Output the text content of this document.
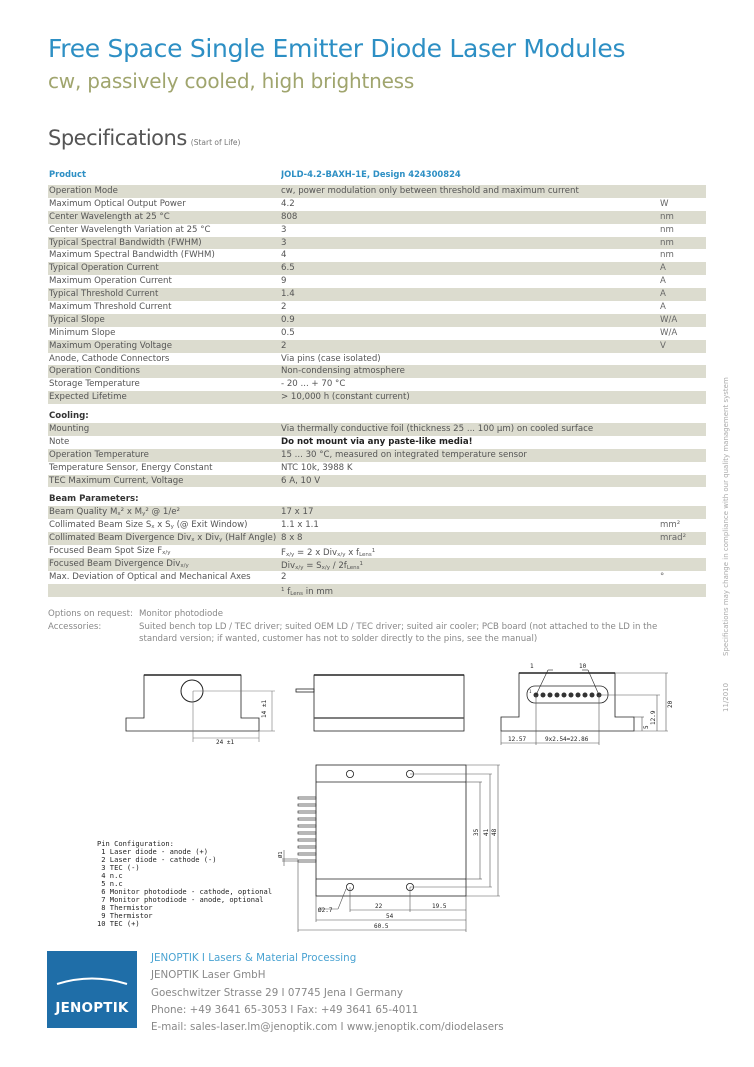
Free Space Single Emitter Diode Laser Modules
cw, passively cooled, high brightness
Specifications (Start of Life)
Product	JOLD-4.2-BAXH-1E, Design 424300824
Operation Mode	cw, power modulation only between threshold and maximum current
Maximum Optical Output Power	4.2	W
Center Wavelength at 25 °C	808	nm
Center Wavelength Variation at 25 °C	3	nm
Typical Spectral Bandwidth (FWHM)	3	nm
Maximum Spectral Bandwidth (FWHM)	4	nm
Typical Operation Current	6.5	A
Maximum Operation Current	9	A
Typical Threshold Current	1.4	A
Maximum Threshold Current	2	A
Typical Slope	0.9	W/A
Minimum Slope	0.5	W/A
Maximum Operating Voltage	2	V
Anode, Cathode Connectors	Via pins (case isolated)
Operation Conditions	Non-condensing atmosphere
Storage Temperature	- 20 ... + 70 °C
Expected Lifetime	> 10,000 h (constant current)
Cooling:
Mounting	Via thermally conductive foil (thickness 25 ... 100 µm) on cooled surface
Note	Do not mount via any paste-like media!
Operation Temperature	15 ... 30 °C, measured on integrated temperature sensor
Temperature Sensor, Energy Constant	NTC 10k, 3988 K
TEC Maximum Current, Voltage	6 A, 10 V
Beam Parameters:
Beam Quality $M_x^2$ x $M_y^2$ @ 1/e²	17 x 17
Collimated Beam Size $S_x$ x $S_y$ (@ Exit Window)	1.1 x 1.1	mm²
Collimated Beam Divergence Div$_x$ x Div$_y$ (Half Angle) 8 x 8	mrad²
Focused Beam Spot Size $F_{x/y}$	$F_{x/y} = 2$ x Div$_{x/y}$ x $f_{Lens}^1$
Focused Beam Divergence Div$_{x/y}$	$Div_{x/y} = S_{x/y} / 2f_{Lens}^1$
Max. Deviation of Optical and Mechanical Axes	2	°
$^1$ $f_{Lens}$ in mm
Options on request: Monitor photodiode
Accessories:	Suited bench top LD / TEC driver; suited OEM LD / TEC driver; suited air cooler; PCB board (not attached to the LD in the standard version; if wanted, customer has not to solder directly to the pins, see the manual)	Specifications may change in compliance with our quality management system
11/2010
24 ±1
14 ±1
1	10
1
12.57	9x2.54=22.86
5
12.9
20
Ø2.7
Ø1
22	19.5
54
60.5
35 41 48
Pin Configuration:
1 Laser diode - anode (+)
2 Laser diode - cathode (-)
3 TEC (-)
4 n.c
5 n.c
6 Monitor photodiode - cathode, optional
7 Monitor photodiode - anode, optional
8 Thermistor
9 Thermistor
10 TEC (+)
JENOPTIK
JENOPTIK I Lasers & Material Processing
JENOPTIK Laser GmbH
Goeschwitzer Strasse 29 I 07745 Jena I Germany
Phone: +49 3641 65-3053 I Fax: +49 3641 65-4011
E-mail: sales-laser.lm@jenoptik.com I www.jenoptik.com/diodelasers
